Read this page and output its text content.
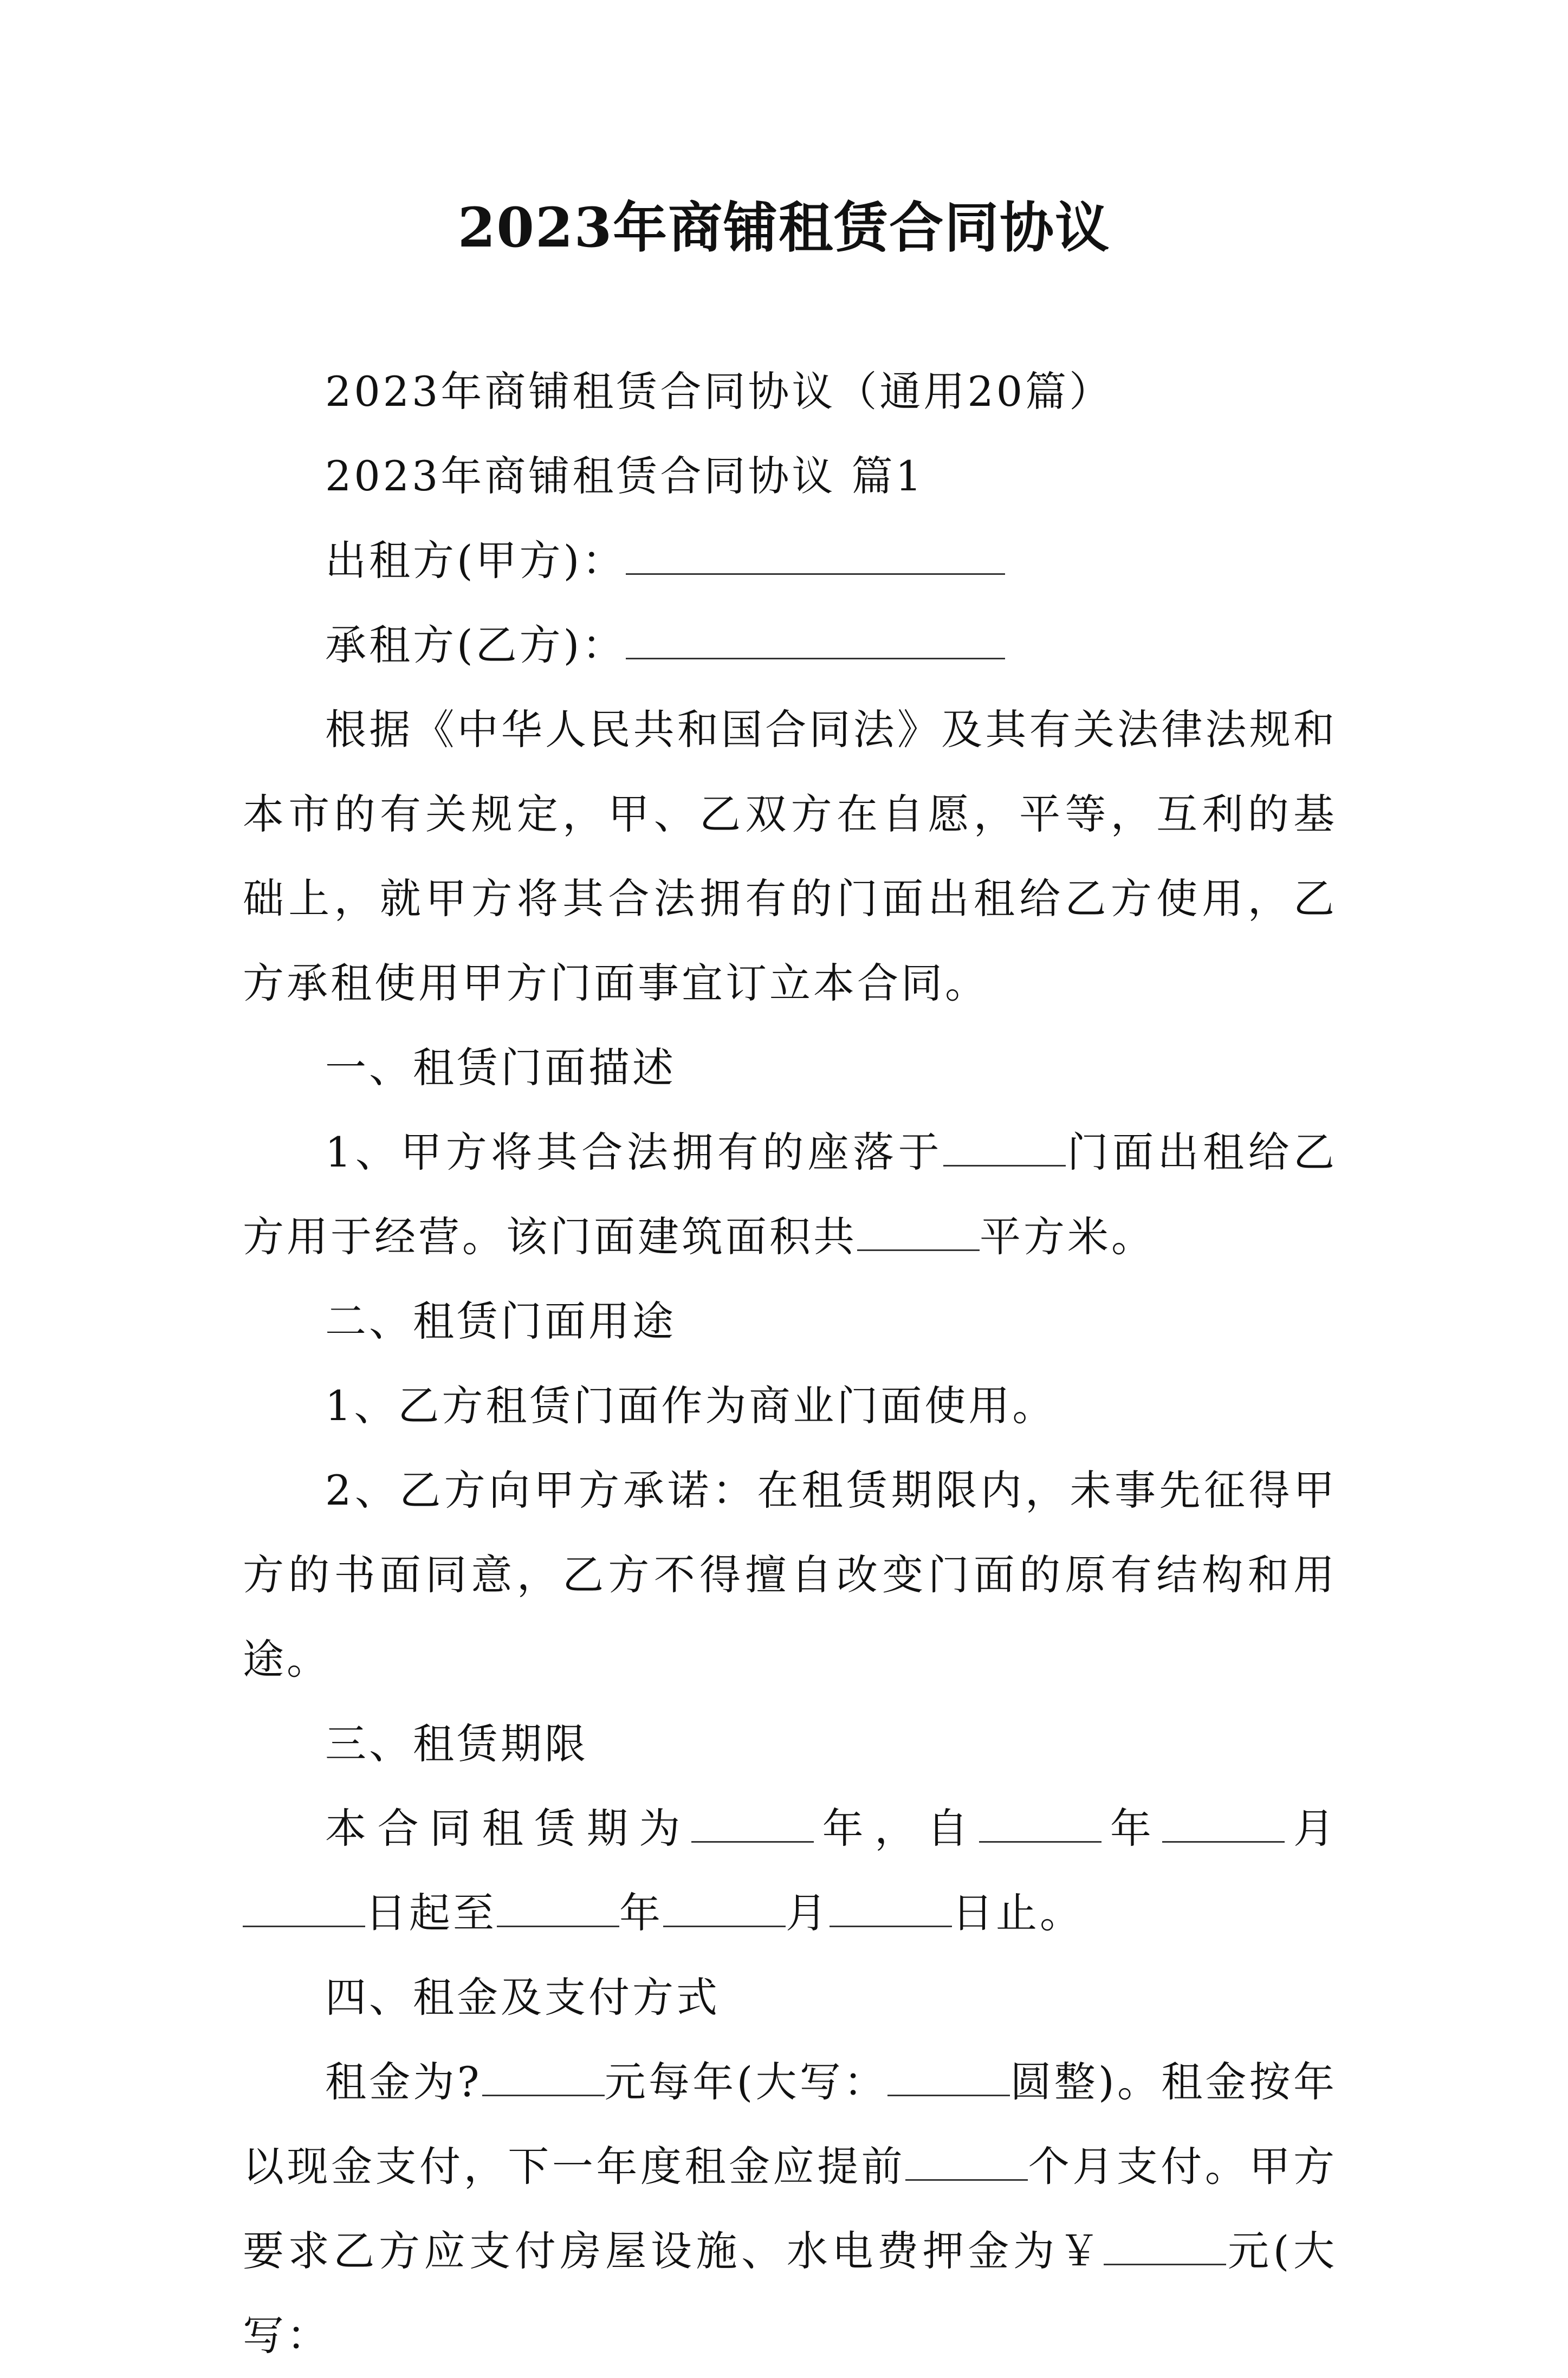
2023年商铺租赁合同协议

2023年商铺租赁合同协议（通用20篇）

2023年商铺租赁合同协议 篇1

出租方(甲方)：

承租方(乙方)：

根据《中华人民共和国合同法》及其有关法律法规和本市的有关规定，甲、乙双方在自愿，平等，互利的基础上，就甲方将其合法拥有的门面出租给乙方使用，乙方承租使用甲方门面事宜订立本合同。

一、租赁门面描述

1、甲方将其合法拥有的座落于	门面出租给乙方用于经营。该门面建筑面积共	平方米。

二、租赁门面用途

1、乙方租赁门面作为商业门面使用。

2、乙方向甲方承诺：在租赁期限内，未事先征得甲方的书面同意，乙方不得擅自改变门面的原有结构和用途。

三、租赁期限

本合同租赁期为	年，自	年	月日起至	年	月	日止。

四、租金及支付方式

租金为?	元每年(大写：	圆整)。租金按年以现金支付，下一年度租金应提前	个月支付。甲方要求乙方应支付房屋设施、水电费押金为￥	元(大写：
